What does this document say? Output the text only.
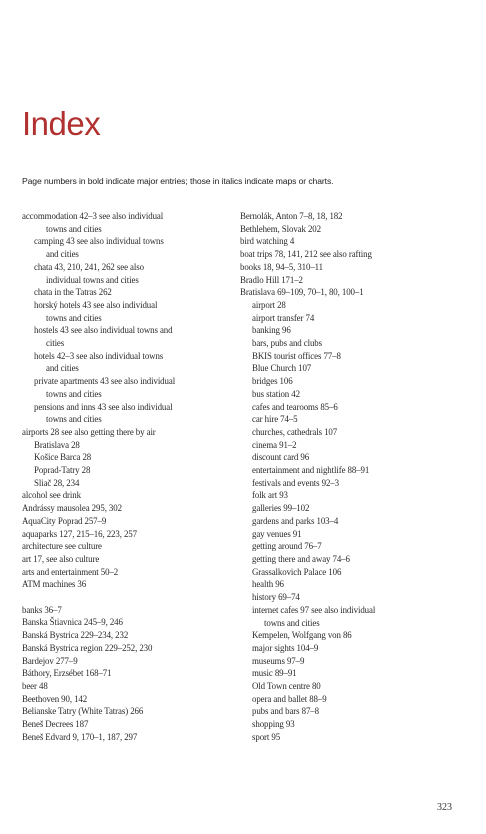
Index
Page numbers in bold indicate major entries; those in italics indicate maps or charts.
accommodation 42–3 see also individual
towns and cities
camping 43 see also individual towns
and cities
chata 43, 210, 241, 262 see also
individual towns and cities
chata in the Tatras 262
horský hotels 43 see also individual
towns and cities
hostels 43 see also individual towns and
cities
hotels 42–3 see also individual towns
and cities
private apartments 43 see also individual
towns and cities
pensions and inns 43 see also individual
towns and cities
airports 28 see also getting there by air
Bratislava 28
Košice Barca 28
Poprad-Tatry 28
Sliač 28, 234
alcohol see drink
Andrássy mausolea 295, 302
AquaCity Poprad 257–9
aquaparks 127, 215–16, 223, 257
architecture see culture
art 17, see also culture
arts and entertainment 50–2
ATM machines 36
banks 36–7
Banska Štiavnica 245–9, 246
Banská Bystrica 229–234, 232
Banská Bystrica region 229–252, 230
Bardejov 277–9
Báthory, Erzsébet 168–71
beer 48
Beethoven 90, 142
Belianske Tatry (White Tatras) 266
Beneš Decrees 187
Beneš Edvard 9, 170–1, 187, 297
Bernolák, Anton 7–8, 18, 182
Bethlehem, Slovak 202
bird watching 4
boat trips 78, 141, 212 see also rafting
books 18, 94–5, 310–11
Bradlo Hill 171–2
Bratislava 69–109, 70–1, 80, 100–1
airport 28
airport transfer 74
banking 96
bars, pubs and clubs
BKIS tourist offices 77–8
Blue Church 107
bridges 106
bus station 42
cafes and tearooms 85–6
car hire 74–5
churches, cathedrals 107
cinema 91–2
discount card 96
entertainment and nightlife 88–91
festivals and events 92–3
folk art 93
galleries 99–102
gardens and parks 103–4
gay venues 91
getting around 76–7
getting there and away 74–6
Grassalkovich Palace 106
health 96
history 69–74
internet cafes 97 see also individual
towns and cities
Kempelen, Wolfgang von 86
major sights 104–9
museums 97–9
music 89–91
Old Town centre 80
opera and ballet 88–9
pubs and bars 87–8
shopping 93
sport 95
323
